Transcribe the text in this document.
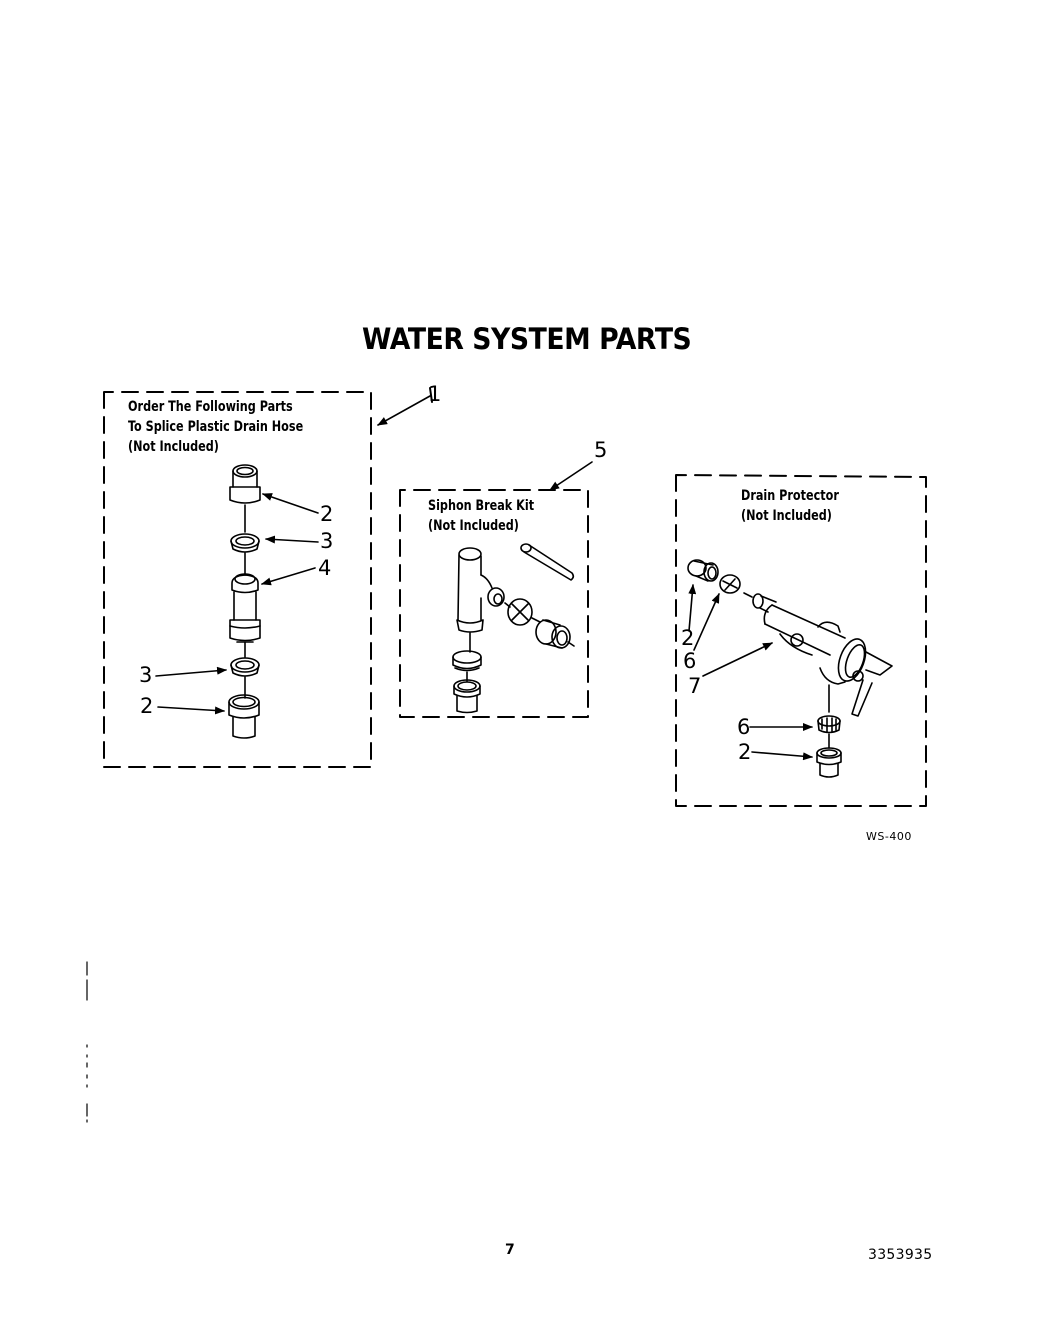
WATER SYSTEM PARTS
Order The Following Parts
To Splice Plastic Drain Hose
(Not Included)
1
2
3
4
3
2
Siphon Break Kit
(Not Included)
5
Drain Protector
(Not Included)
2
6
7
6
2
WS-400
7	3353935
